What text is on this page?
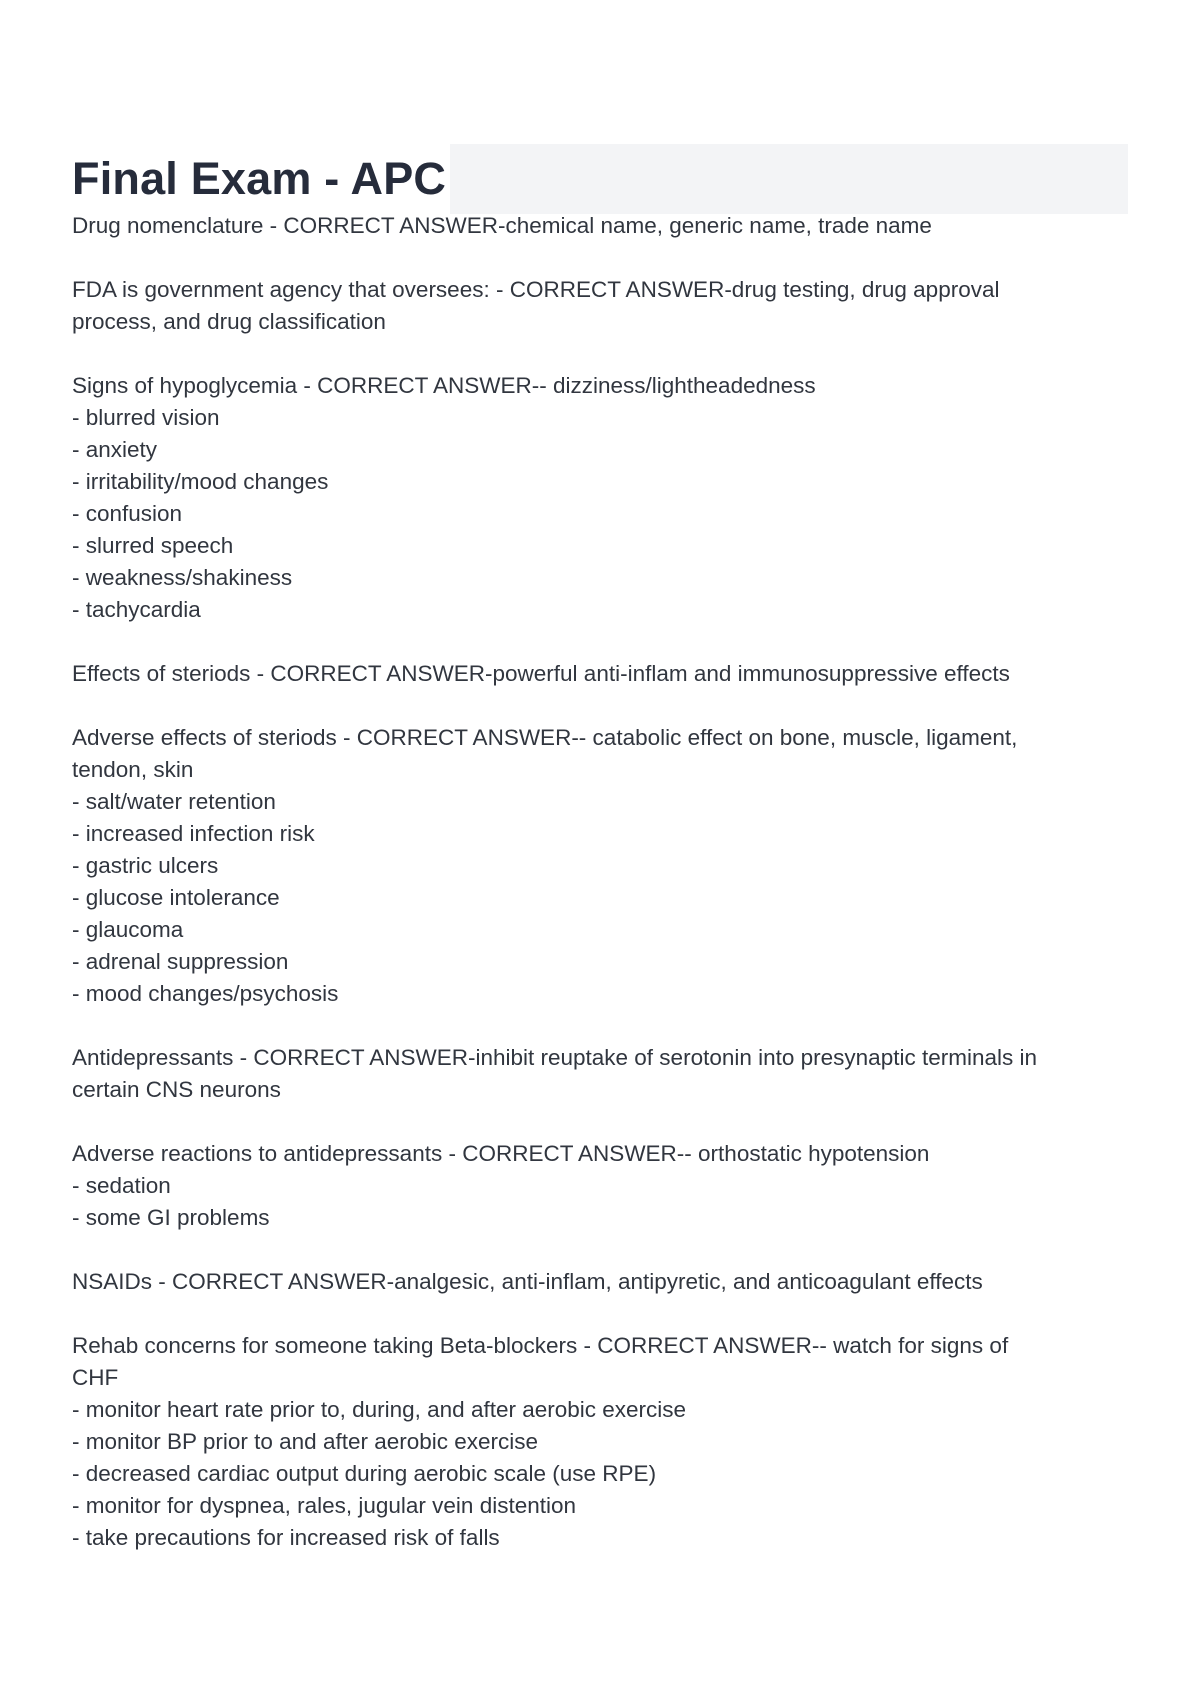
Final Exam - APC
Drug nomenclature - CORRECT ANSWER-chemical name, generic name, trade name
FDA is government agency that oversees: - CORRECT ANSWER-drug testing, drug approval
process, and drug classification
Signs of hypoglycemia - CORRECT ANSWER-- dizziness/lightheadedness
- blurred vision
- anxiety
- irritability/mood changes
- confusion
- slurred speech
- weakness/shakiness
- tachycardia
Effects of steriods - CORRECT ANSWER-powerful anti-inflam and immunosuppressive effects
Adverse effects of steriods - CORRECT ANSWER-- catabolic effect on bone, muscle, ligament,
tendon, skin
- salt/water retention
- increased infection risk
- gastric ulcers
- glucose intolerance
- glaucoma
- adrenal suppression
- mood changes/psychosis
Antidepressants - CORRECT ANSWER-inhibit reuptake of serotonin into presynaptic terminals in
certain CNS neurons
Adverse reactions to antidepressants - CORRECT ANSWER-- orthostatic hypotension
- sedation
- some GI problems
NSAIDs - CORRECT ANSWER-analgesic, anti-inflam, antipyretic, and anticoagulant effects
Rehab concerns for someone taking Beta-blockers - CORRECT ANSWER-- watch for signs of
CHF
- monitor heart rate prior to, during, and after aerobic exercise
- monitor BP prior to and after aerobic exercise
- decreased cardiac output during aerobic scale (use RPE)
- monitor for dyspnea, rales, jugular vein distention
- take precautions for increased risk of falls
